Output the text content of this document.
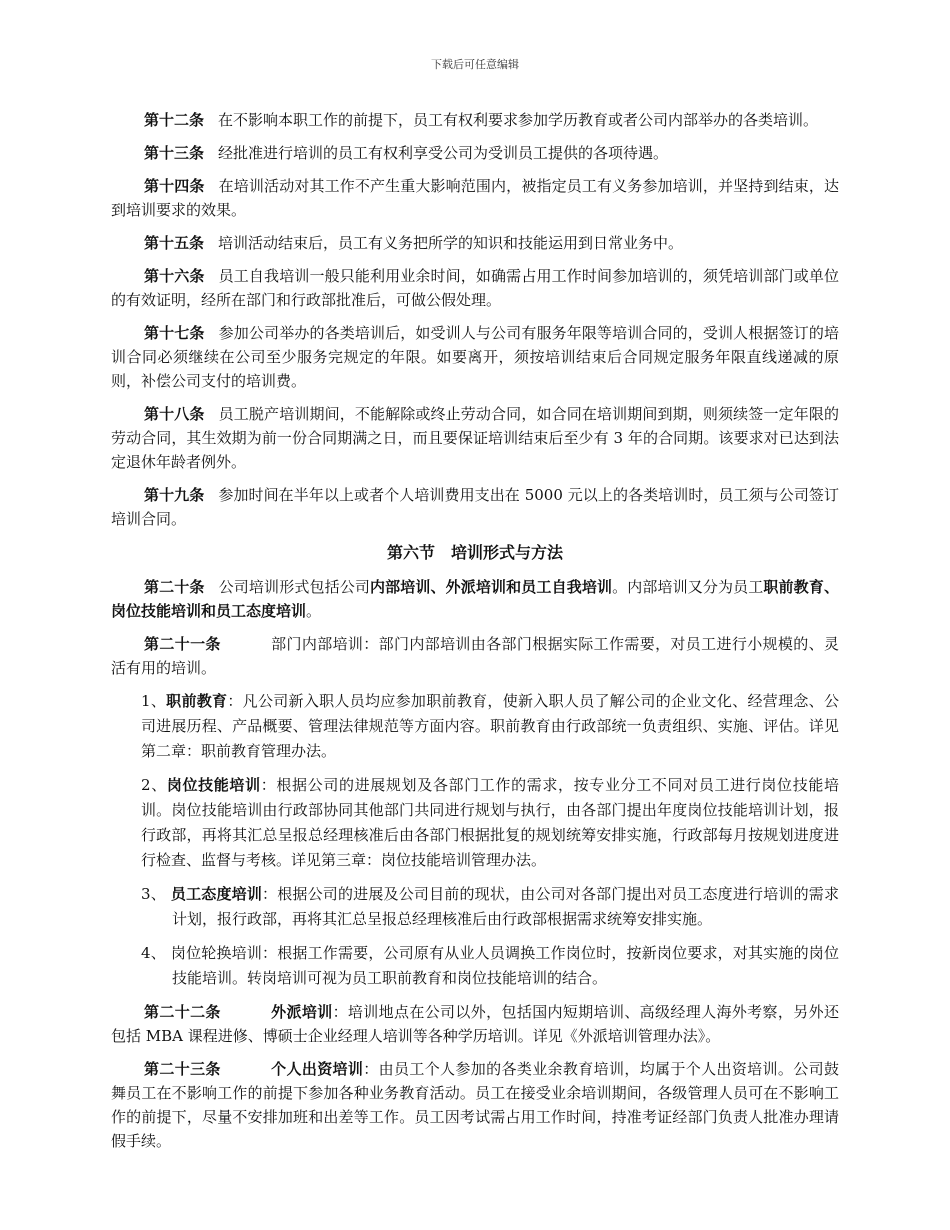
下载后可任意编辑

第十二条 在不影响本职工作的前提下，员工有权利要求参加学历教育或者公司内部举办的各类培训。

第十三条 经批准进行培训的员工有权利享受公司为受训员工提供的各项待遇。

第十四条 在培训活动对其工作不产生重大影响范围内，被指定员工有义务参加培训，并坚持到结束，达到培训要求的效果。

第十五条 培训活动结束后，员工有义务把所学的知识和技能运用到日常业务中。

第十六条 员工自我培训一般只能利用业余时间，如确需占用工作时间参加培训的，须凭培训部门或单位的有效证明，经所在部门和行政部批准后，可做公假处理。

第十七条 参加公司举办的各类培训后，如受训人与公司有服务年限等培训合同的，受训人根据签订的培训合同必须继续在公司至少服务完规定的年限。如要离开，须按培训结束后合同规定服务年限直线递减的原则，补偿公司支付的培训费。

第十八条 员工脱产培训期间，不能解除或终止劳动合同，如合同在培训期间到期，则须续签一定年限的劳动合同，其生效期为前一份合同期满之日，而且要保证培训结束后至少有 3 年的合同期。该要求对已达到法定退休年龄者例外。

第十九条 参加时间在半年以上或者个人培训费用支出在 5000 元以上的各类培训时，员工须与公司签订培训合同。

第六节　培训形式与方法

第二十条 公司培训形式包括公司内部培训、外派培训和员工自我培训。内部培训又分为员工职前教育、岗位技能培训和员工态度培训。

第二十一条	部门内部培训：部门内部培训由各部门根据实际工作需要，对员工进行小规模的、灵活有用的培训。

1、职前教育：凡公司新入职人员均应参加职前教育，使新入职人员了解公司的企业文化、经营理念、公司进展历程、产品概要、管理法律规范等方面内容。职前教育由行政部统一负责组织、实施、评估。详见第二章：职前教育管理办法。

2、岗位技能培训：根据公司的进展规划及各部门工作的需求，按专业分工不同对员工进行岗位技能培训。岗位技能培训由行政部协同其他部门共同进行规划与执行，由各部门提出年度岗位技能培训计划，报行政部，再将其汇总呈报总经理核准后由各部门根据批复的规划统筹安排实施，行政部每月按规划进度进行检查、监督与考核。详见第三章：岗位技能培训管理办法。

3、 员工态度培训：根据公司的进展及公司目前的现状，由公司对各部门提出对员工态度进行培训的需求计划，报行政部，再将其汇总呈报总经理核准后由行政部根据需求统筹安排实施。

4、 岗位轮换培训：根据工作需要，公司原有从业人员调换工作岗位时，按新岗位要求，对其实施的岗位技能培训。转岗培训可视为员工职前教育和岗位技能培训的结合。

第二十二条	外派培训：培训地点在公司以外，包括国内短期培训、高级经理人海外考察，另外还包括 MBA 课程进修、博硕士企业经理人培训等各种学历培训。详见《外派培训管理办法》。

第二十三条	个人出资培训：由员工个人参加的各类业余教育培训，均属于个人出资培训。公司鼓舞员工在不影响工作的前提下参加各种业务教育活动。员工在接受业余培训期间，各级管理人员可在不影响工作的前提下，尽量不安排加班和出差等工作。员工因考试需占用工作时间，持准考证经部门负责人批准办理请假手续。
